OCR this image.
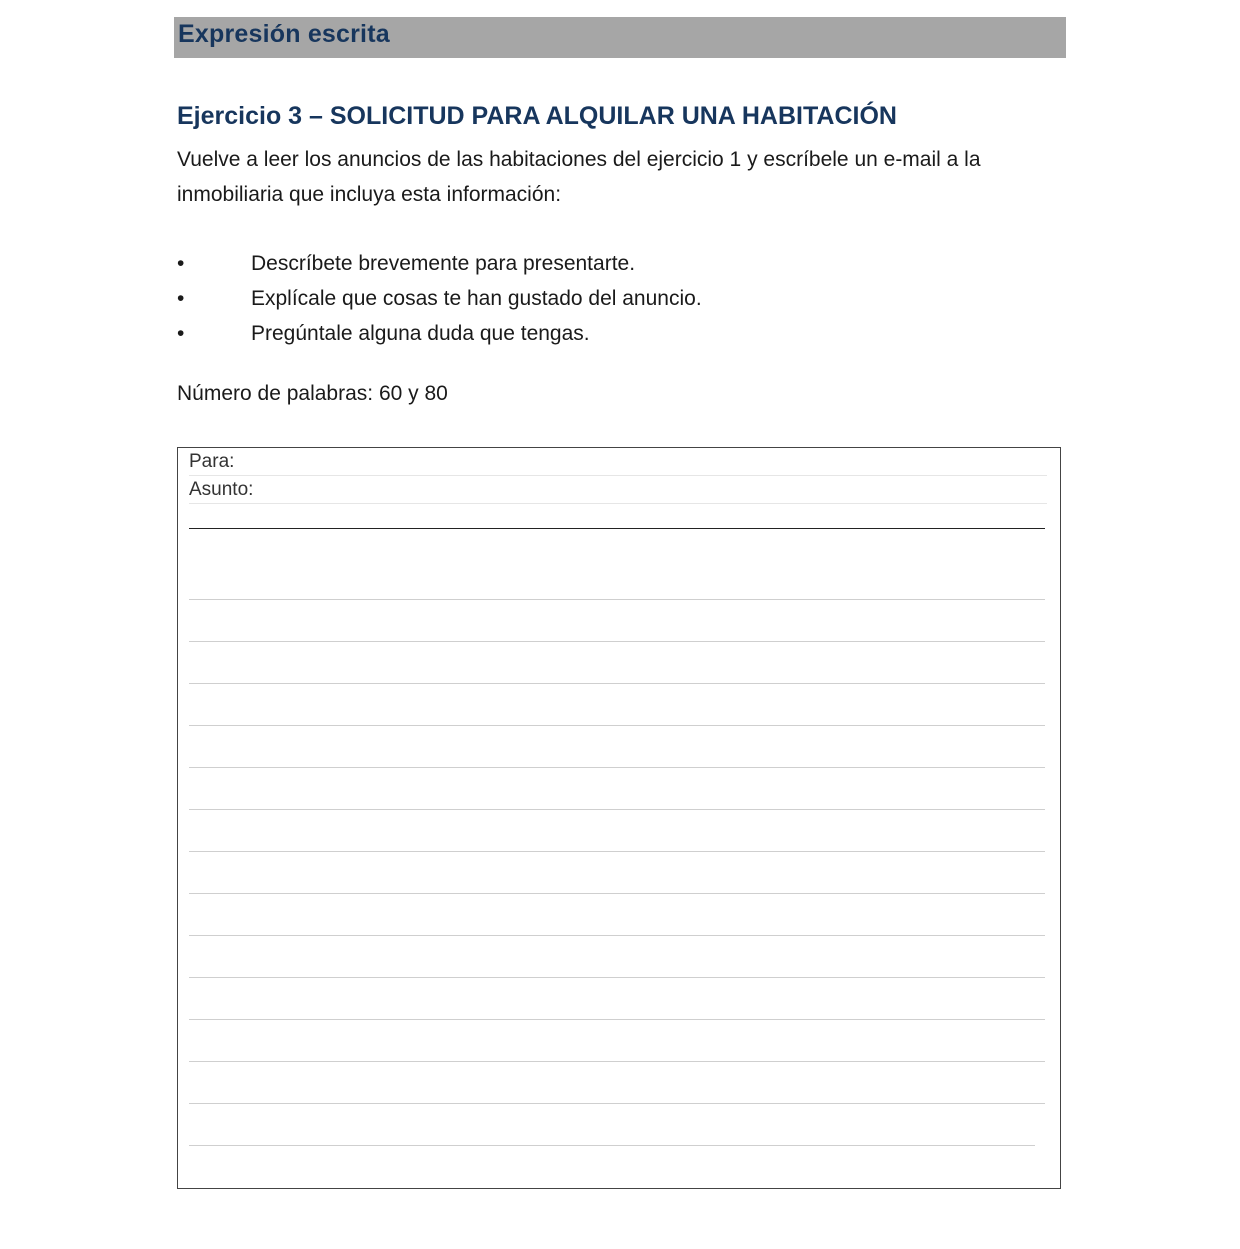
Expresión escrita
Ejercicio 3 – SOLICITUD PARA ALQUILAR UNA HABITACIÓN
Vuelve a leer los anuncios de las habitaciones del ejercicio 1 y escríbele un e-mail a la inmobiliaria que incluya esta información:
•	Descríbete brevemente para presentarte.
•	Explícale que cosas te han gustado del anuncio.
•	Pregúntale alguna duda que tengas.
Número de palabras: 60 y 80
Para:
Asunto:
